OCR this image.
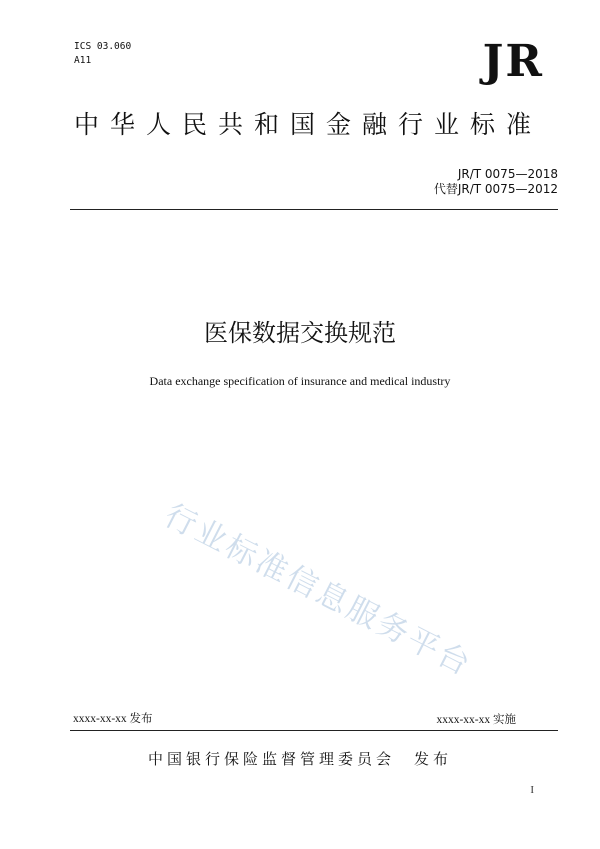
ICS 03.060
A11	JR
中华人民共和国金融行业标准
JR/T 0075—2018
代替JR/T 0075—2012
医保数据交换规范
Data exchange specification of insurance and medical industry
行业标准信息服务平台
xxxx-xx-xx 发布	xxxx-xx-xx 实施
中国银行保险监督管理委员会　发布
I
